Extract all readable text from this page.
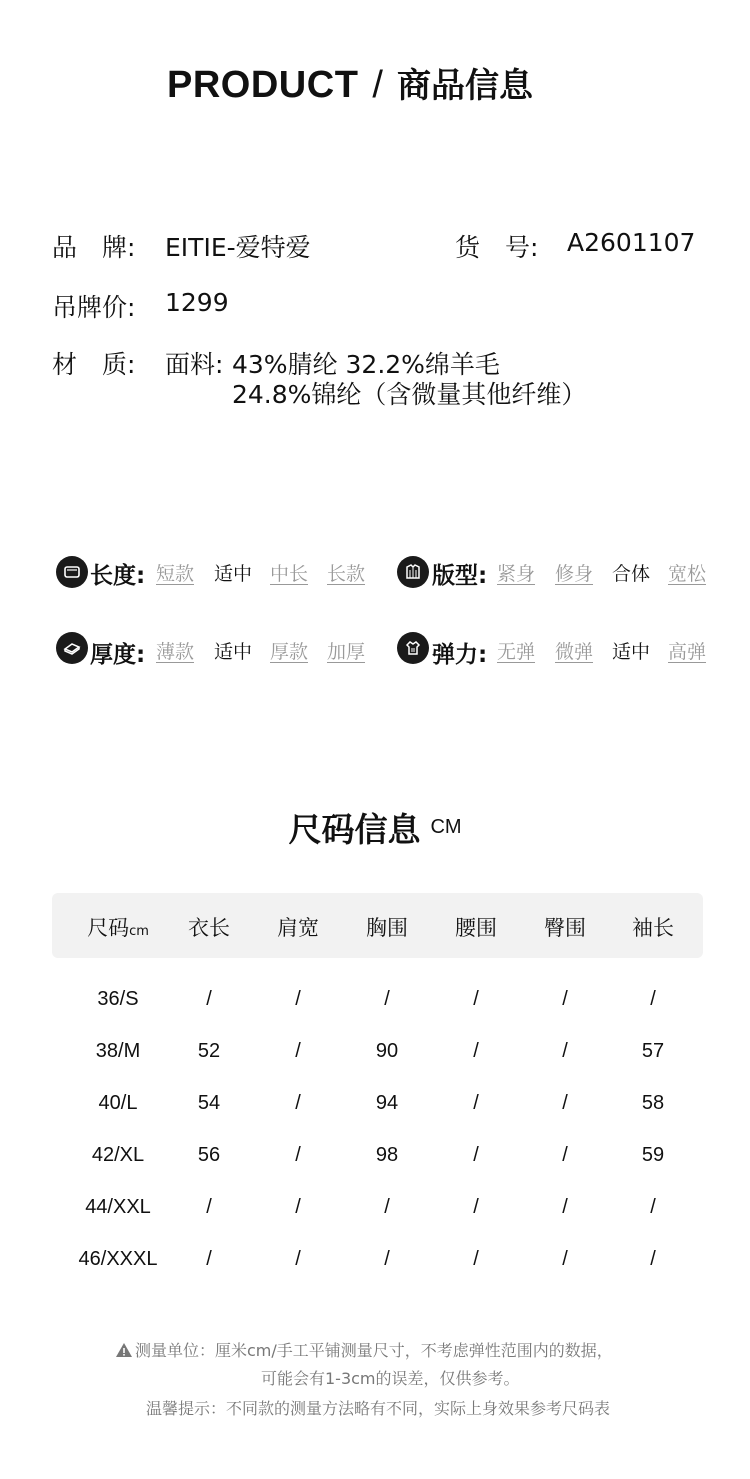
PRODUCT / 商品信息
品　牌: EITIE-爱特爱	货　号: A2601107
吊牌价: 1299
材　质: 面料: 43%腈纶 32.2%绵羊毛
24.8%锦纶（含微量其他纤维）
长度: 短款 适中 中长 长款	版型: 紧身 修身 合体 宽松
厚度: 薄款 适中 厚款 加厚	弹力: 无弹 微弹 适中 高弹
尺码信息 CM
尺码cm	衣长	肩宽	胸围	腰围	臀围	袖长
36/S	/	/	/	/	/	/
38/M	52	/	90	/	/	57
40/L	54	/	94	/	/	58
42/XL	56	/	98	/	/	59
44/XXL	/	/	/	/	/	/
46/XXXL	/	/	/	/	/	/
测量单位：厘米cm/手工平铺测量尺寸，不考虑弹性范围内的数据，
可能会有1-3cm的误差，仅供参考。
温馨提示：不同款的测量方法略有不同，实际上身效果参考尺码表
